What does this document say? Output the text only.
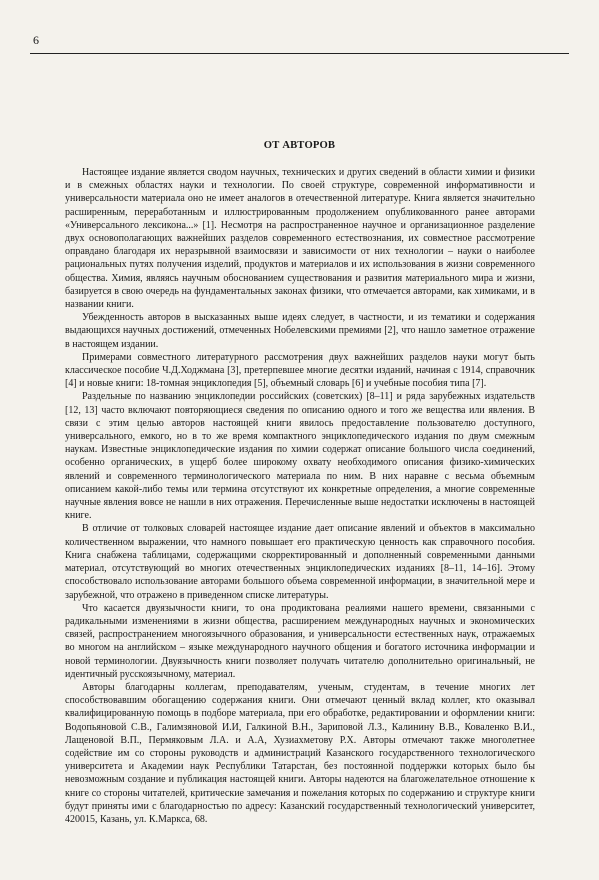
6
ОТ АВТОРОВ

Настоящее издание является сводом научных, технических и других сведений в области химии и физики и в смежных областях науки и технологии. По своей структуре, современной информативности и универсальности материала оно не имеет аналогов в отечественной литературе. Книга является значительно расширенным, переработанным и иллюстрированным продолжением опубликованного ранее авторами «Универсального лексикона...» [1]. Несмотря на распространенное научное и организационное разделение двух основополагающих важнейших разделов современного естествознания, их совместное рассмотрение оправдано благодаря их неразрывной взаимосвязи и зависимости от них технологии – науки о наиболее рациональных путях получения изделий, продуктов и материалов и их использования в жизни современного общества. Химия, являясь научным обоснованием существования и развития материального мира и жизни, базируется в свою очередь на фундаментальных законах физики, что отмечается авторами, как химиками, и в названии книги.

Убежденность авторов в высказанных выше идеях следует, в частности, и из тематики и содержания выдающихся научных достижений, отмеченных Нобелевскими премиями [2], что нашло заметное отражение в настоящем издании.

Примерами совместного литературного рассмотрения двух важнейших разделов науки могут быть классическое пособие Ч.Д.Ходжмана [3], претерпевшее многие десятки изданий, начиная с 1914, справочник [4] и новые книги: 18-томная энциклопедия [5], объемный словарь [6] и учебные пособия типа [7].

Раздельные по названию энциклопедии российских (советских) [8–11] и ряда зарубежных издательств [12, 13] часто включают повторяющиеся сведения по описанию одного и того же вещества или явления. В связи с этим целью авторов настоящей книги явилось предоставление пользователю доступного, универсального, емкого, но в то же время компактного энциклопедического издания по двум смежным наукам. Известные энциклопедические издания по химии содержат описание большого числа соединений, особенно органических, в ущерб более широкому охвату необходимого описания физико-химических явлений и современного терминологического материала по ним. В них наравне с весьма объемным описанием какой-либо темы или термина отсутствуют их конкретные определения, а многие современные научные явления вовсе не нашли в них отражения. Перечисленные выше недостатки исключены в настоящей книге.

В отличие от толковых словарей настоящее издание дает описание явлений и объектов в максимально количественном выражении, что намного повышает его практическую ценность как справочного пособия. Книга снабжена таблицами, содержащими скорректированный и дополненный современными данными материал, отсутствующий во многих отечественных энциклопедических изданиях [8–11, 14–16]. Этому способствовало использование авторами большого объема современной информации, в значительной мере и зарубежной, что отражено в приведенном списке литературы.

Что касается двуязычности книги, то она продиктована реалиями нашего времени, связанными с радикальными изменениями в жизни общества, расширением международных научных и экономических связей, распространением многоязычного образования, и универсальности естественных наук, отражаемых во многом на английском – языке международного научного общения и богатого источника информации и новой терминологии. Двуязычность книги позволяет получать читателю дополнительно оригинальный, не идентичный русскоязычному, материал.

Авторы благодарны коллегам, преподавателям, ученым, студентам, в течение многих лет способствовавшим обогащению содержания книги. Они отмечают ценный вклад коллег, кто оказывал квалифицированную помощь в подборе материала, при его обработке, редактировании и оформлении книги: Водопьяновой С.В., Галимзяновой И.И, Галкиной В.Н., Зариповой Л.З., Калинину В.В., Коваленко В.И., Лащеновой В.П., Пермяковым Л.А. и А.А, Хузиахметову Р.Х. Авторы отмечают также многолетнее содействие им со стороны руководств и администраций Казанского государственного технологического университета и Академии наук Республики Татарстан, без постоянной поддержки которых было бы невозможным создание и публикация настоящей книги. Авторы надеются на благожелательное отношение к книге со стороны читателей, критические замечания и пожелания которых по содержанию и структуре книги будут приняты ими с благодарностью по адресу: Казанский государственный технологический университет, 420015, Казань, ул. К.Маркса, 68.
